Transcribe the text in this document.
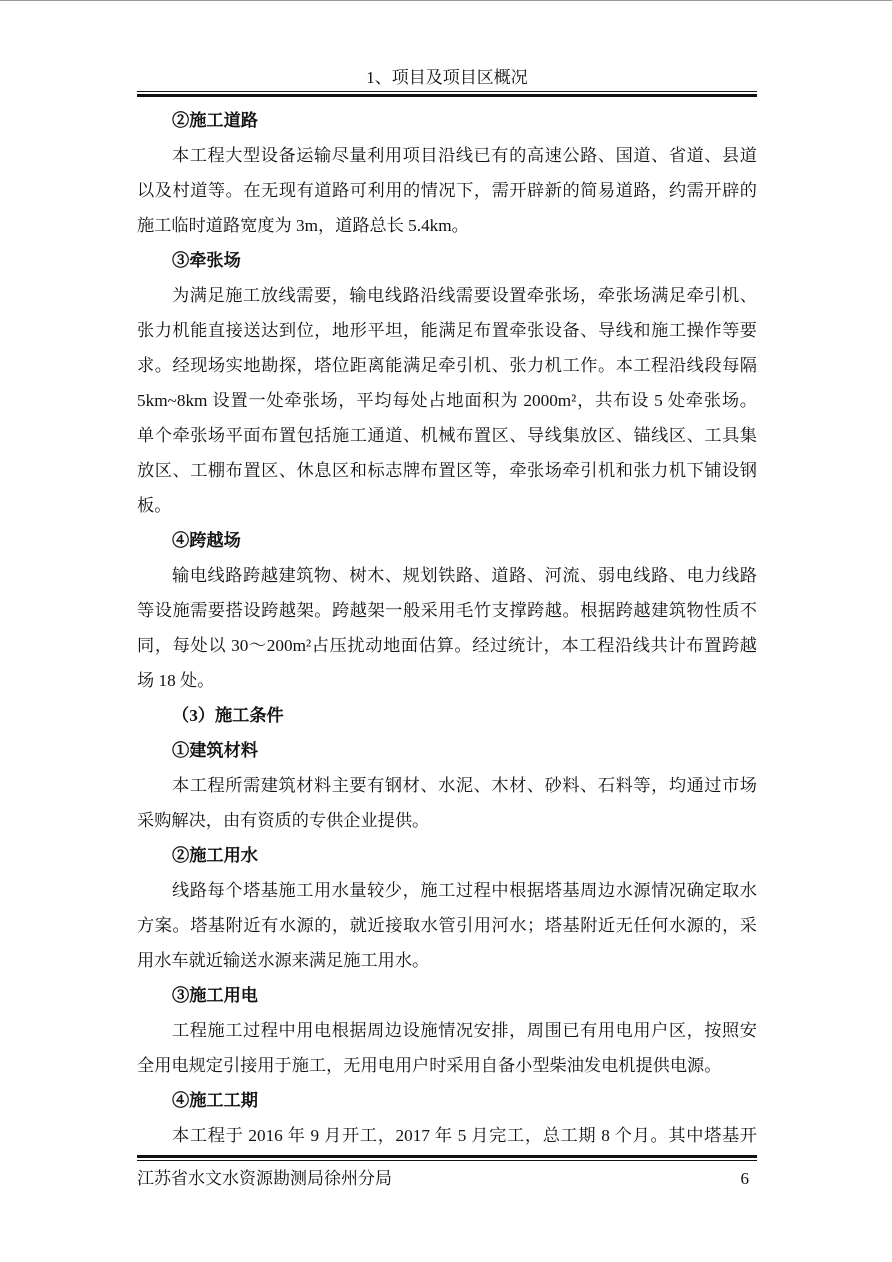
1、项目及项目区概况
②施工道路
本工程大型设备运输尽量利用项目沿线已有的高速公路、国道、省道、县道
以及村道等。在无现有道路可利用的情况下，需开辟新的简易道路，约需开辟的
施工临时道路宽度为 3m，道路总长 5.4km。
③牵张场
为满足施工放线需要，输电线路沿线需要设置牵张场，牵张场满足牵引机、
张力机能直接送达到位，地形平坦，能满足布置牵张设备、导线和施工操作等要
求。经现场实地勘探，塔位距离能满足牵引机、张力机工作。本工程沿线段每隔
5km~8km 设置一处牵张场，平均每处占地面积为 2000m²，共布设 5 处牵张场。
单个牵张场平面布置包括施工通道、机械布置区、导线集放区、锚线区、工具集
放区、工棚布置区、休息区和标志牌布置区等，牵张场牵引机和张力机下铺设钢
板。
④跨越场
输电线路跨越建筑物、树木、规划铁路、道路、河流、弱电线路、电力线路
等设施需要搭设跨越架。跨越架一般采用毛竹支撑跨越。根据跨越建筑物性质不
同，每处以 30～200m²占压扰动地面估算。经过统计，本工程沿线共计布置跨越
场 18 处。
（3）施工条件
①建筑材料
本工程所需建筑材料主要有钢材、水泥、木材、砂料、石料等，均通过市场
采购解决，由有资质的专供企业提供。
②施工用水
线路每个塔基施工用水量较少，施工过程中根据塔基周边水源情况确定取水
方案。塔基附近有水源的，就近接取水管引用河水；塔基附近无任何水源的，采
用水车就近输送水源来满足施工用水。
③施工用电
工程施工过程中用电根据周边设施情况安排，周围已有用电用户区，按照安
全用电规定引接用于施工，无用电用户时采用自备小型柴油发电机提供电源。
④施工工期
本工程于 2016 年 9 月开工，2017 年 5 月完工，总工期 8 个月。其中塔基开
江苏省水文水资源勘测局徐州分局	6
